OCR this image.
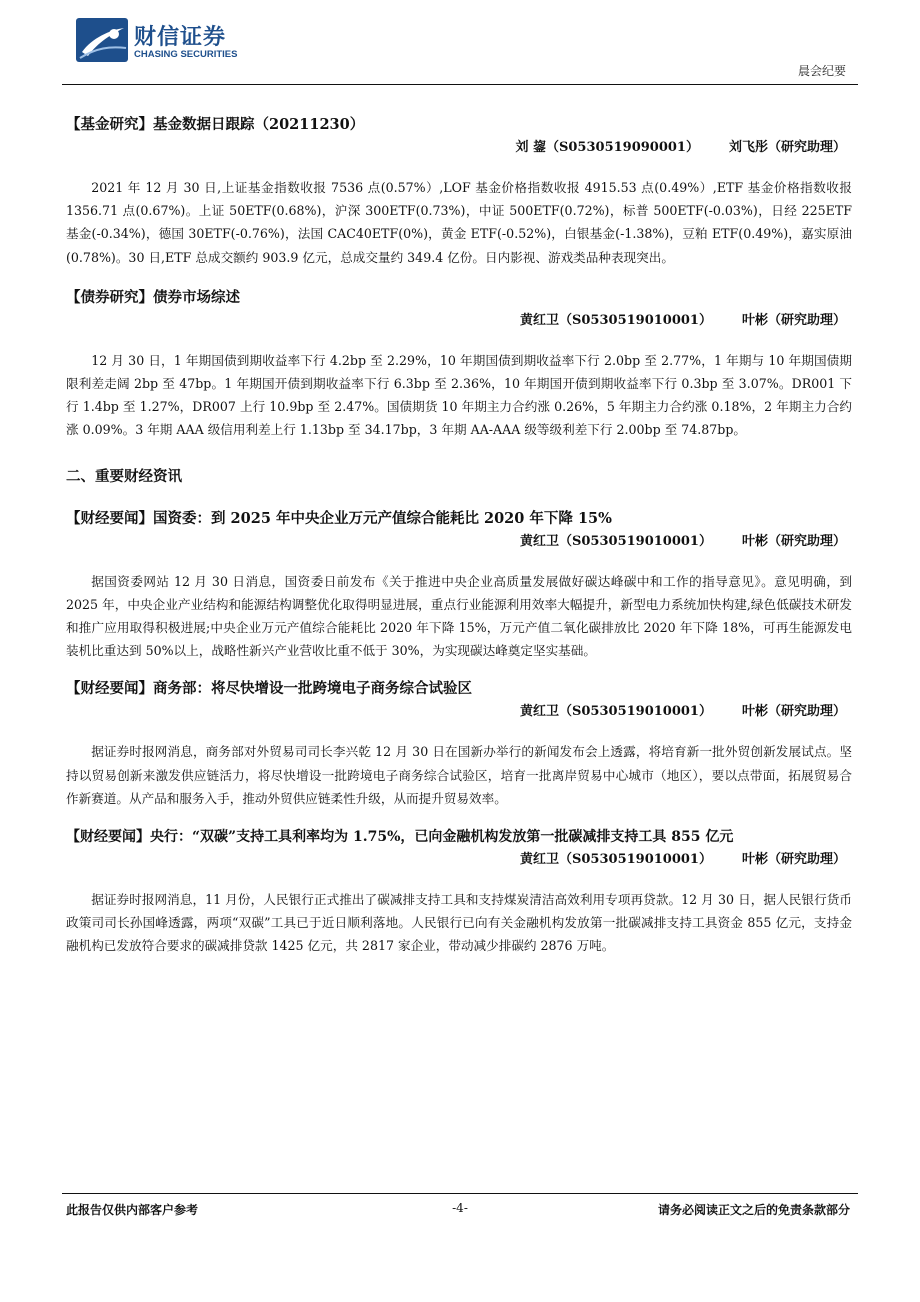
财信证券
CHASING SECURITIES
晨会纪要
【基金研究】基金数据日跟踪（20211230）
刘 鋆（S0530519090001） 刘飞彤（研究助理）
2021 年 12 月 30 日,上证基金指数收报 7536 点(0.57%）,LOF 基金价格指数收报 4915.53 点(0.49%）,ETF 基金价格指数收报 1356.71 点(0.67%)。上证 50ETF(0.68%)，沪深 300ETF(0.73%)，中证 500ETF(0.72%)，标普 500ETF(-0.03%)，日经 225ETF 基金(-0.34%)，德国 30ETF(-0.76%)，法国 CAC40ETF(0%)，黄金 ETF(-0.52%)，白银基金(-1.38%)，豆粕 ETF(0.49%)，嘉实原油(0.78%)。30 日,ETF 总成交额约 903.9 亿元，总成交量约 349.4 亿份。日内影视、游戏类品种表现突出。
【债券研究】债券市场综述
黄红卫（S0530519010001） 叶彬（研究助理）
12 月 30 日，1 年期国债到期收益率下行 4.2bp 至 2.29%，10 年期国债到期收益率下行 2.0bp 至 2.77%，1 年期与 10 年期国债期限利差走阔 2bp 至 47bp。1 年期国开债到期收益率下行 6.3bp 至 2.36%，10 年期国开债到期收益率下行 0.3bp 至 3.07%。DR001 下行 1.4bp 至 1.27%，DR007 上行 10.9bp 至 2.47%。国债期货 10 年期主力合约涨 0.26%，5 年期主力合约涨 0.18%，2 年期主力合约涨 0.09%。3 年期 AAA 级信用利差上行 1.13bp 至 34.17bp，3 年期 AA-AAA 级等级利差下行 2.00bp 至 74.87bp。
二、重要财经资讯
【财经要闻】国资委：到 2025 年中央企业万元产值综合能耗比 2020 年下降 15%
黄红卫（S0530519010001） 叶彬（研究助理）
据国资委网站 12 月 30 日消息，国资委日前发布《关于推进中央企业高质量发展做好碳达峰碳中和工作的指导意见》。意见明确，到 2025 年，中央企业产业结构和能源结构调整优化取得明显进展，重点行业能源利用效率大幅提升，新型电力系统加快构建,绿色低碳技术研发和推广应用取得积极进展;中央企业万元产值综合能耗比 2020 年下降 15%，万元产值二氧化碳排放比 2020 年下降 18%，可再生能源发电装机比重达到 50%以上，战略性新兴产业营收比重不低于 30%，为实现碳达峰奠定坚实基础。
【财经要闻】商务部：将尽快增设一批跨境电子商务综合试验区
黄红卫（S0530519010001） 叶彬（研究助理）
据证券时报网消息，商务部对外贸易司司长李兴乾 12 月 30 日在国新办举行的新闻发布会上透露，将培育新一批外贸创新发展试点。坚持以贸易创新来激发供应链活力，将尽快增设一批跨境电子商务综合试验区，培育一批离岸贸易中心城市（地区），要以点带面，拓展贸易合作新赛道。从产品和服务入手，推动外贸供应链柔性升级，从而提升贸易效率。
【财经要闻】央行：“双碳”支持工具利率均为 1.75%，已向金融机构发放第一批碳减排支持工具 855 亿元
黄红卫（S0530519010001） 叶彬（研究助理）
据证券时报网消息，11 月份，人民银行正式推出了碳减排支持工具和支持煤炭清洁高效利用专项再贷款。12 月 30 日，据人民银行货币政策司司长孙国峰透露，两项“双碳”工具已于近日顺利落地。人民银行已向有关金融机构发放第一批碳减排支持工具资金 855 亿元，支持金融机构已发放符合要求的碳减排贷款 1425 亿元，共 2817 家企业，带动减少排碳约 2876 万吨。
此报告仅供内部客户参考	-4-	请务必阅读正文之后的免责条款部分
